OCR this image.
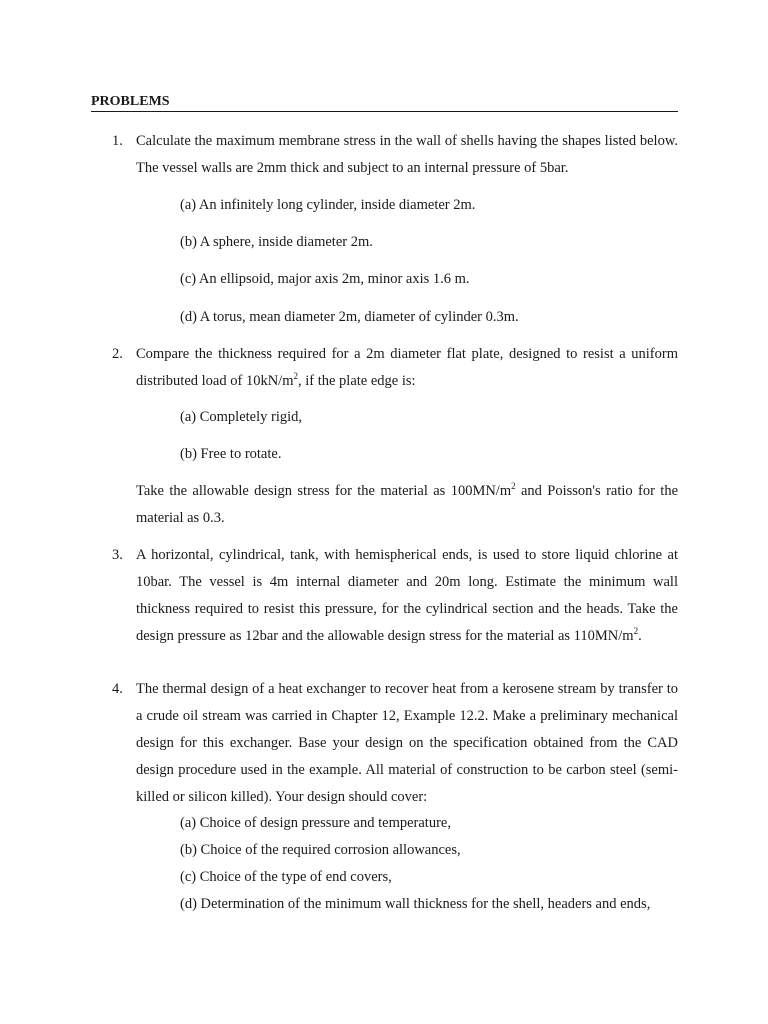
PROBLEMS
1. Calculate the maximum membrane stress in the wall of shells having the shapes listed below. The vessel walls are 2mm thick and subject to an internal pressure of 5bar.
(a) An infinitely long cylinder, inside diameter 2m.
(b) A sphere, inside diameter 2m.
(c) An ellipsoid, major axis 2m, minor axis 1.6 m.
(d) A torus, mean diameter 2m, diameter of cylinder 0.3m.
2. Compare the thickness required for a 2m diameter flat plate, designed to resist a uniform distributed load of $10kN/m^2$, if the plate edge is:
(a) Completely rigid,
(b) Free to rotate.
Take the allowable design stress for the material as $100MN/m^2$ and Poisson's ratio for the material as 0.3.
3. A horizontal, cylindrical, tank, with hemispherical ends, is used to store liquid chlorine at 10bar. The vessel is 4m internal diameter and 20m long. Estimate the minimum wall thickness required to resist this pressure, for the cylindrical section and the heads. Take the design pressure as 12bar and the allowable design stress for the material as $110MN/m^2$.
4. The thermal design of a heat exchanger to recover heat from a kerosene stream by transfer to a crude oil stream was carried in Chapter 12, Example 12.2. Make a preliminary mechanical design for this exchanger. Base your design on the specification obtained from the CAD design procedure used in the example. All material of construction to be carbon steel (semi-killed or silicon killed). Your design should cover:
(a) Choice of design pressure and temperature,
(b) Choice of the required corrosion allowances,
(c) Choice of the type of end covers,
(d) Determination of the minimum wall thickness for the shell, headers and ends,
